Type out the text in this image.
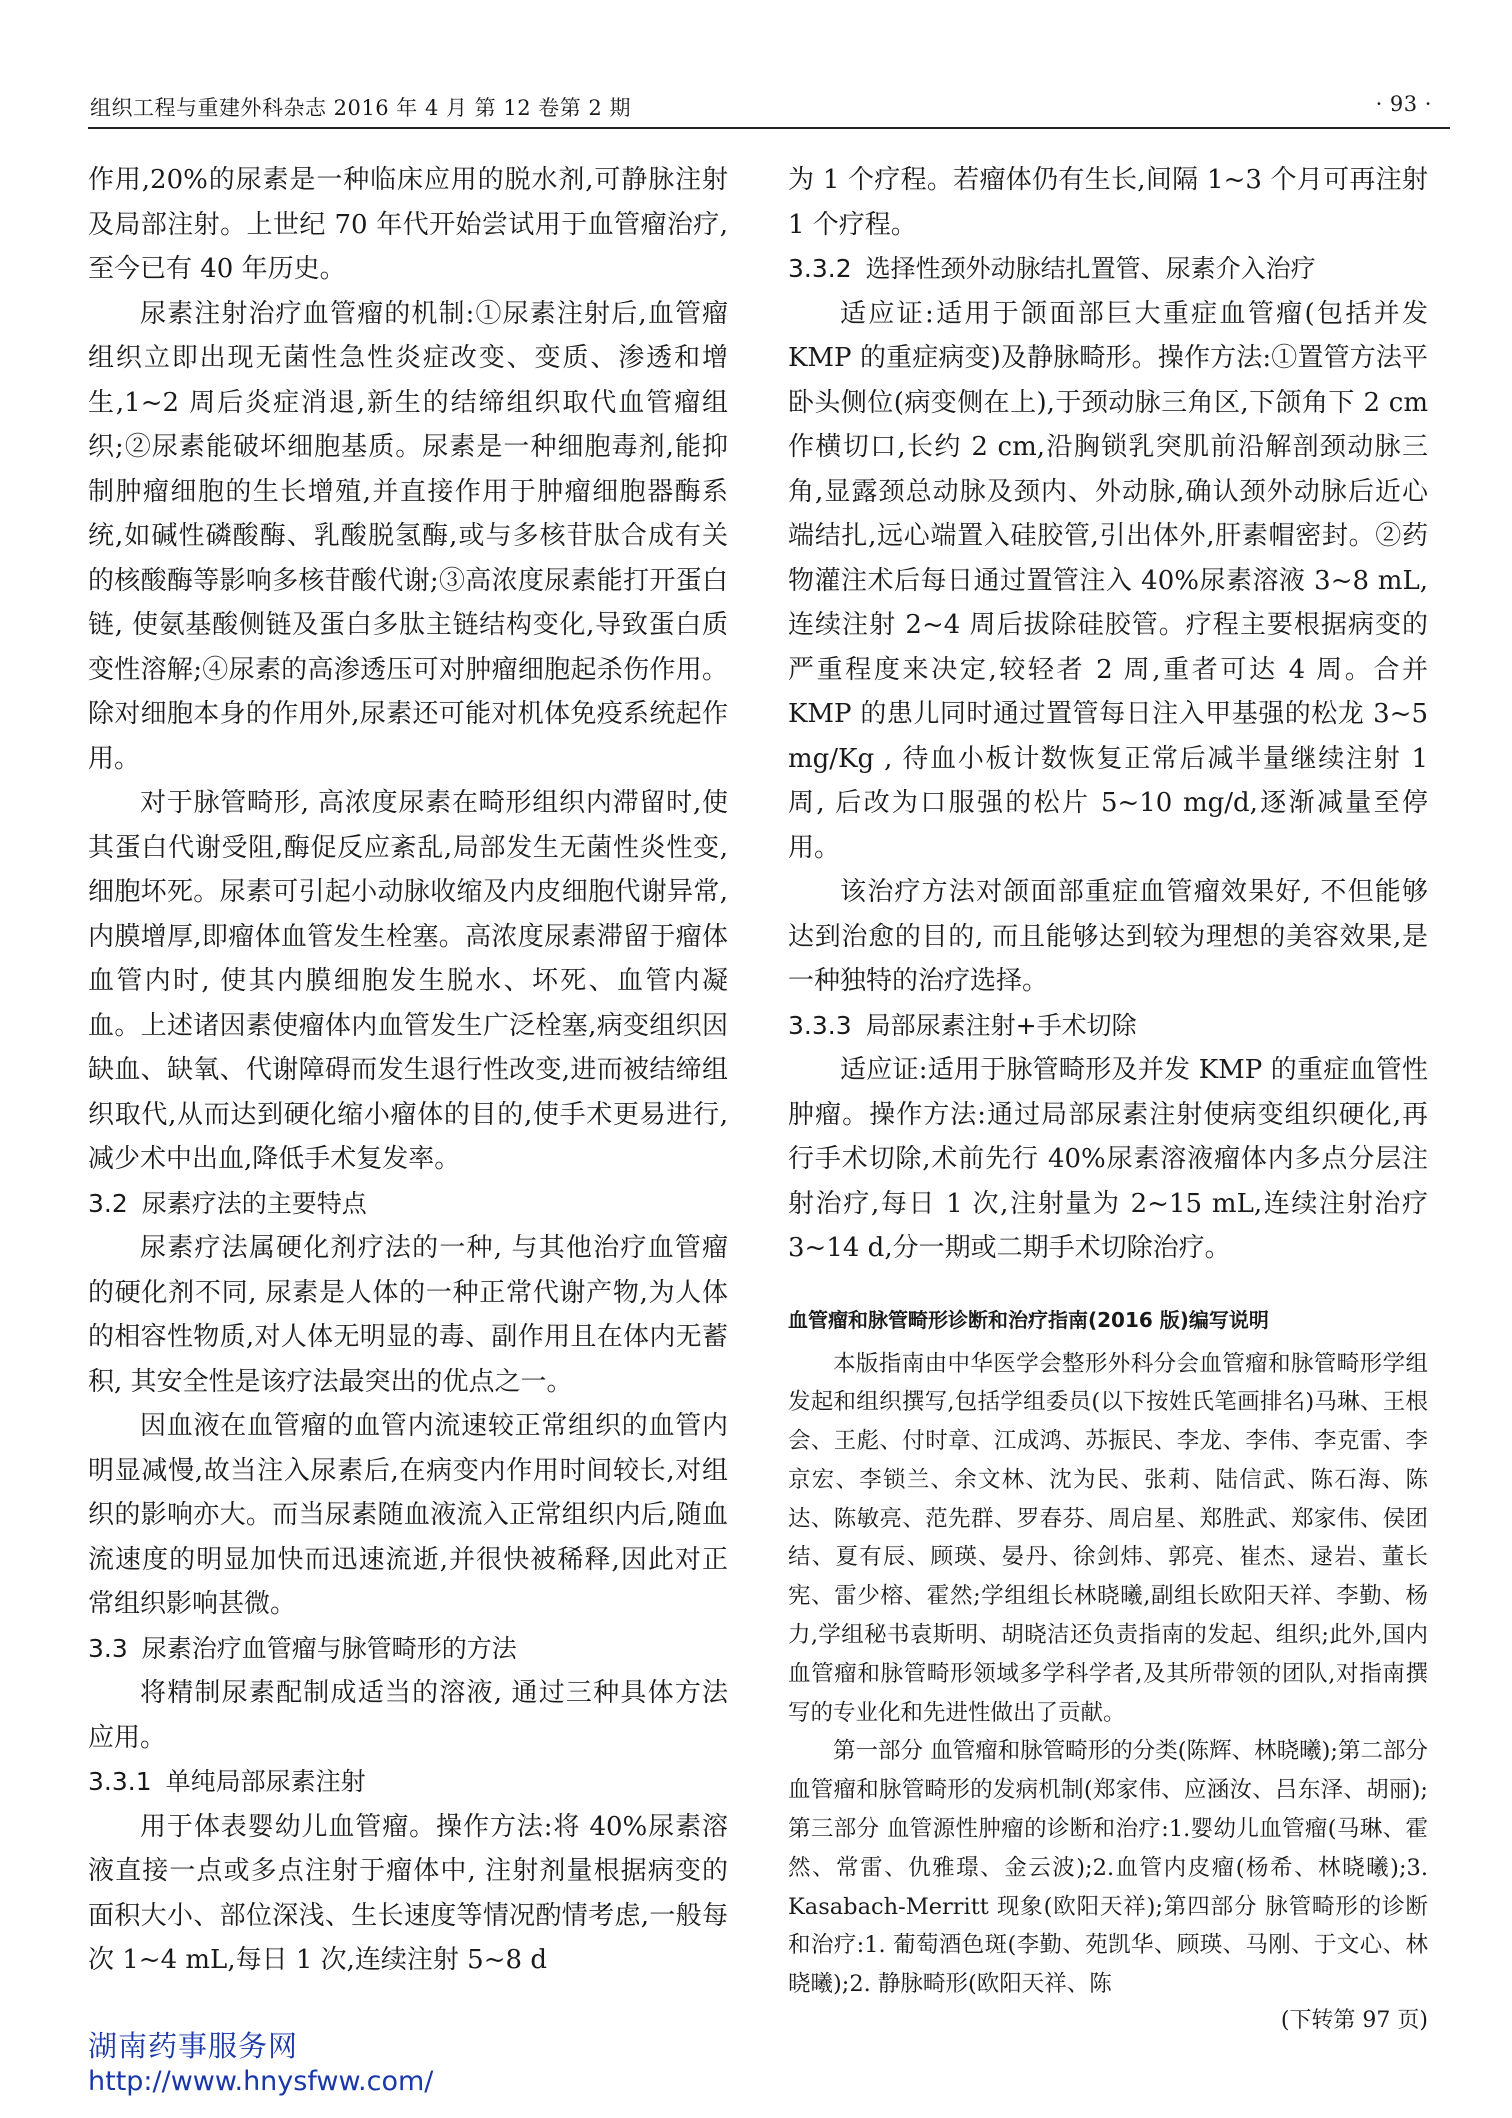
组织工程与重建外科杂志 2016 年 4 月 第 12 卷第 2 期	· 93 ·

作用,20%的尿素是一种临床应用的脱水剂,可静脉注射及局部注射。上世纪 70 年代开始尝试用于血管瘤治疗,至今已有 40 年历史。

尿素注射治疗血管瘤的机制:①尿素注射后,血管瘤组织立即出现无菌性急性炎症改变、变质、渗透和增生,1~2 周后炎症消退,新生的结缔组织取代血管瘤组织;②尿素能破坏细胞基质。尿素是一种细胞毒剂,能抑制肿瘤细胞的生长增殖,并直接作用于肿瘤细胞器酶系统,如碱性磷酸酶、乳酸脱氢酶,或与多核苷肽合成有关的核酸酶等影响多核苷酸代谢;③高浓度尿素能打开蛋白链, 使氨基酸侧链及蛋白多肽主链结构变化,导致蛋白质变性溶解;④尿素的高渗透压可对肿瘤细胞起杀伤作用。除对细胞本身的作用外,尿素还可能对机体免疫系统起作用。

对于脉管畸形, 高浓度尿素在畸形组织内滞留时,使其蛋白代谢受阻,酶促反应紊乱,局部发生无菌性炎性变,细胞坏死。尿素可引起小动脉收缩及内皮细胞代谢异常,内膜增厚,即瘤体血管发生栓塞。高浓度尿素滞留于瘤体血管内时, 使其内膜细胞发生脱水、坏死、血管内凝血。上述诸因素使瘤体内血管发生广泛栓塞,病变组织因缺血、缺氧、代谢障碍而发生退行性改变,进而被结缔组织取代,从而达到硬化缩小瘤体的目的,使手术更易进行,减少术中出血,降低手术复发率。

3.2 尿素疗法的主要特点

尿素疗法属硬化剂疗法的一种, 与其他治疗血管瘤的硬化剂不同, 尿素是人体的一种正常代谢产物,为人体的相容性物质,对人体无明显的毒、副作用且在体内无蓄积, 其安全性是该疗法最突出的优点之一。

因血液在血管瘤的血管内流速较正常组织的血管内明显减慢,故当注入尿素后,在病变内作用时间较长,对组织的影响亦大。而当尿素随血液流入正常组织内后,随血流速度的明显加快而迅速流逝,并很快被稀释,因此对正常组织影响甚微。

3.3 尿素治疗血管瘤与脉管畸形的方法

将精制尿素配制成适当的溶液, 通过三种具体方法应用。

3.3.1 单纯局部尿素注射

用于体表婴幼儿血管瘤。操作方法:将 40%尿素溶液直接一点或多点注射于瘤体中, 注射剂量根据病变的面积大小、部位深浅、生长速度等情况酌情考虑,一般每次 1~4 mL,每日 1 次,连续注射 5~8 d

为 1 个疗程。若瘤体仍有生长,间隔 1~3 个月可再注射 1 个疗程。

3.3.2 选择性颈外动脉结扎置管、尿素介入治疗

适应证:适用于颌面部巨大重症血管瘤(包括并发 KMP 的重症病变)及静脉畸形。操作方法:①置管方法平卧头侧位(病变侧在上),于颈动脉三角区,下颌角下 2 cm 作横切口,长约 2 cm,沿胸锁乳突肌前沿解剖颈动脉三角,显露颈总动脉及颈内、外动脉,确认颈外动脉后近心端结扎,远心端置入硅胶管,引出体外,肝素帽密封。②药物灌注术后每日通过置管注入 40%尿素溶液 3~8 mL,连续注射 2~4 周后拔除硅胶管。疗程主要根据病变的严重程度来决定,较轻者 2 周,重者可达 4 周。合并 KMP 的患儿同时通过置管每日注入甲基强的松龙 3~5 mg/Kg , 待血小板计数恢复正常后减半量继续注射 1 周, 后改为口服强的松片 5~10 mg/d,逐渐减量至停用。

该治疗方法对颌面部重症血管瘤效果好, 不但能够达到治愈的目的, 而且能够达到较为理想的美容效果,是一种独特的治疗选择。

3.3.3 局部尿素注射+手术切除

适应证:适用于脉管畸形及并发 KMP 的重症血管性肿瘤。操作方法:通过局部尿素注射使病变组织硬化,再行手术切除,术前先行 40%尿素溶液瘤体内多点分层注射治疗,每日 1 次,注射量为 2~15 mL,连续注射治疗 3~14 d,分一期或二期手术切除治疗。

血管瘤和脉管畸形诊断和治疗指南(2016 版)编写说明

本版指南由中华医学会整形外科分会血管瘤和脉管畸形学组发起和组织撰写,包括学组委员(以下按姓氏笔画排名)马琳、王根会、王彪、付时章、江成鸿、苏振民、李龙、李伟、李克雷、李京宏、李锁兰、余文林、沈为民、张莉、陆信武、陈石海、陈达、陈敏亮、范先群、罗春芬、周启星、郑胜武、郑家伟、侯团结、夏有辰、顾瑛、晏丹、徐剑炜、郭亮、崔杰、逯岩、董长宪、雷少榕、霍然;学组组长林晓曦,副组长欧阳天祥、李勤、杨力,学组秘书袁斯明、胡晓洁还负责指南的发起、组织;此外,国内血管瘤和脉管畸形领域多学科学者,及其所带领的团队,对指南撰写的专业化和先进性做出了贡献。

第一部分 血管瘤和脉管畸形的分类(陈辉、林晓曦);第二部分 血管瘤和脉管畸形的发病机制(郑家伟、应涵汝、吕东泽、胡丽);第三部分 血管源性肿瘤的诊断和治疗:1.婴幼儿血管瘤(马琳、霍然、常雷、仇雅璟、金云波);2.血管内皮瘤(杨希、林晓曦);3. Kasabach-Merritt 现象(欧阳天祥);第四部分 脉管畸形的诊断和治疗:1. 葡萄酒色斑(李勤、苑凯华、顾瑛、马刚、于文心、林晓曦);2. 静脉畸形(欧阳天祥、陈

(下转第 97 页)
湖南药事服务网
http://www.hnysfww.com/
